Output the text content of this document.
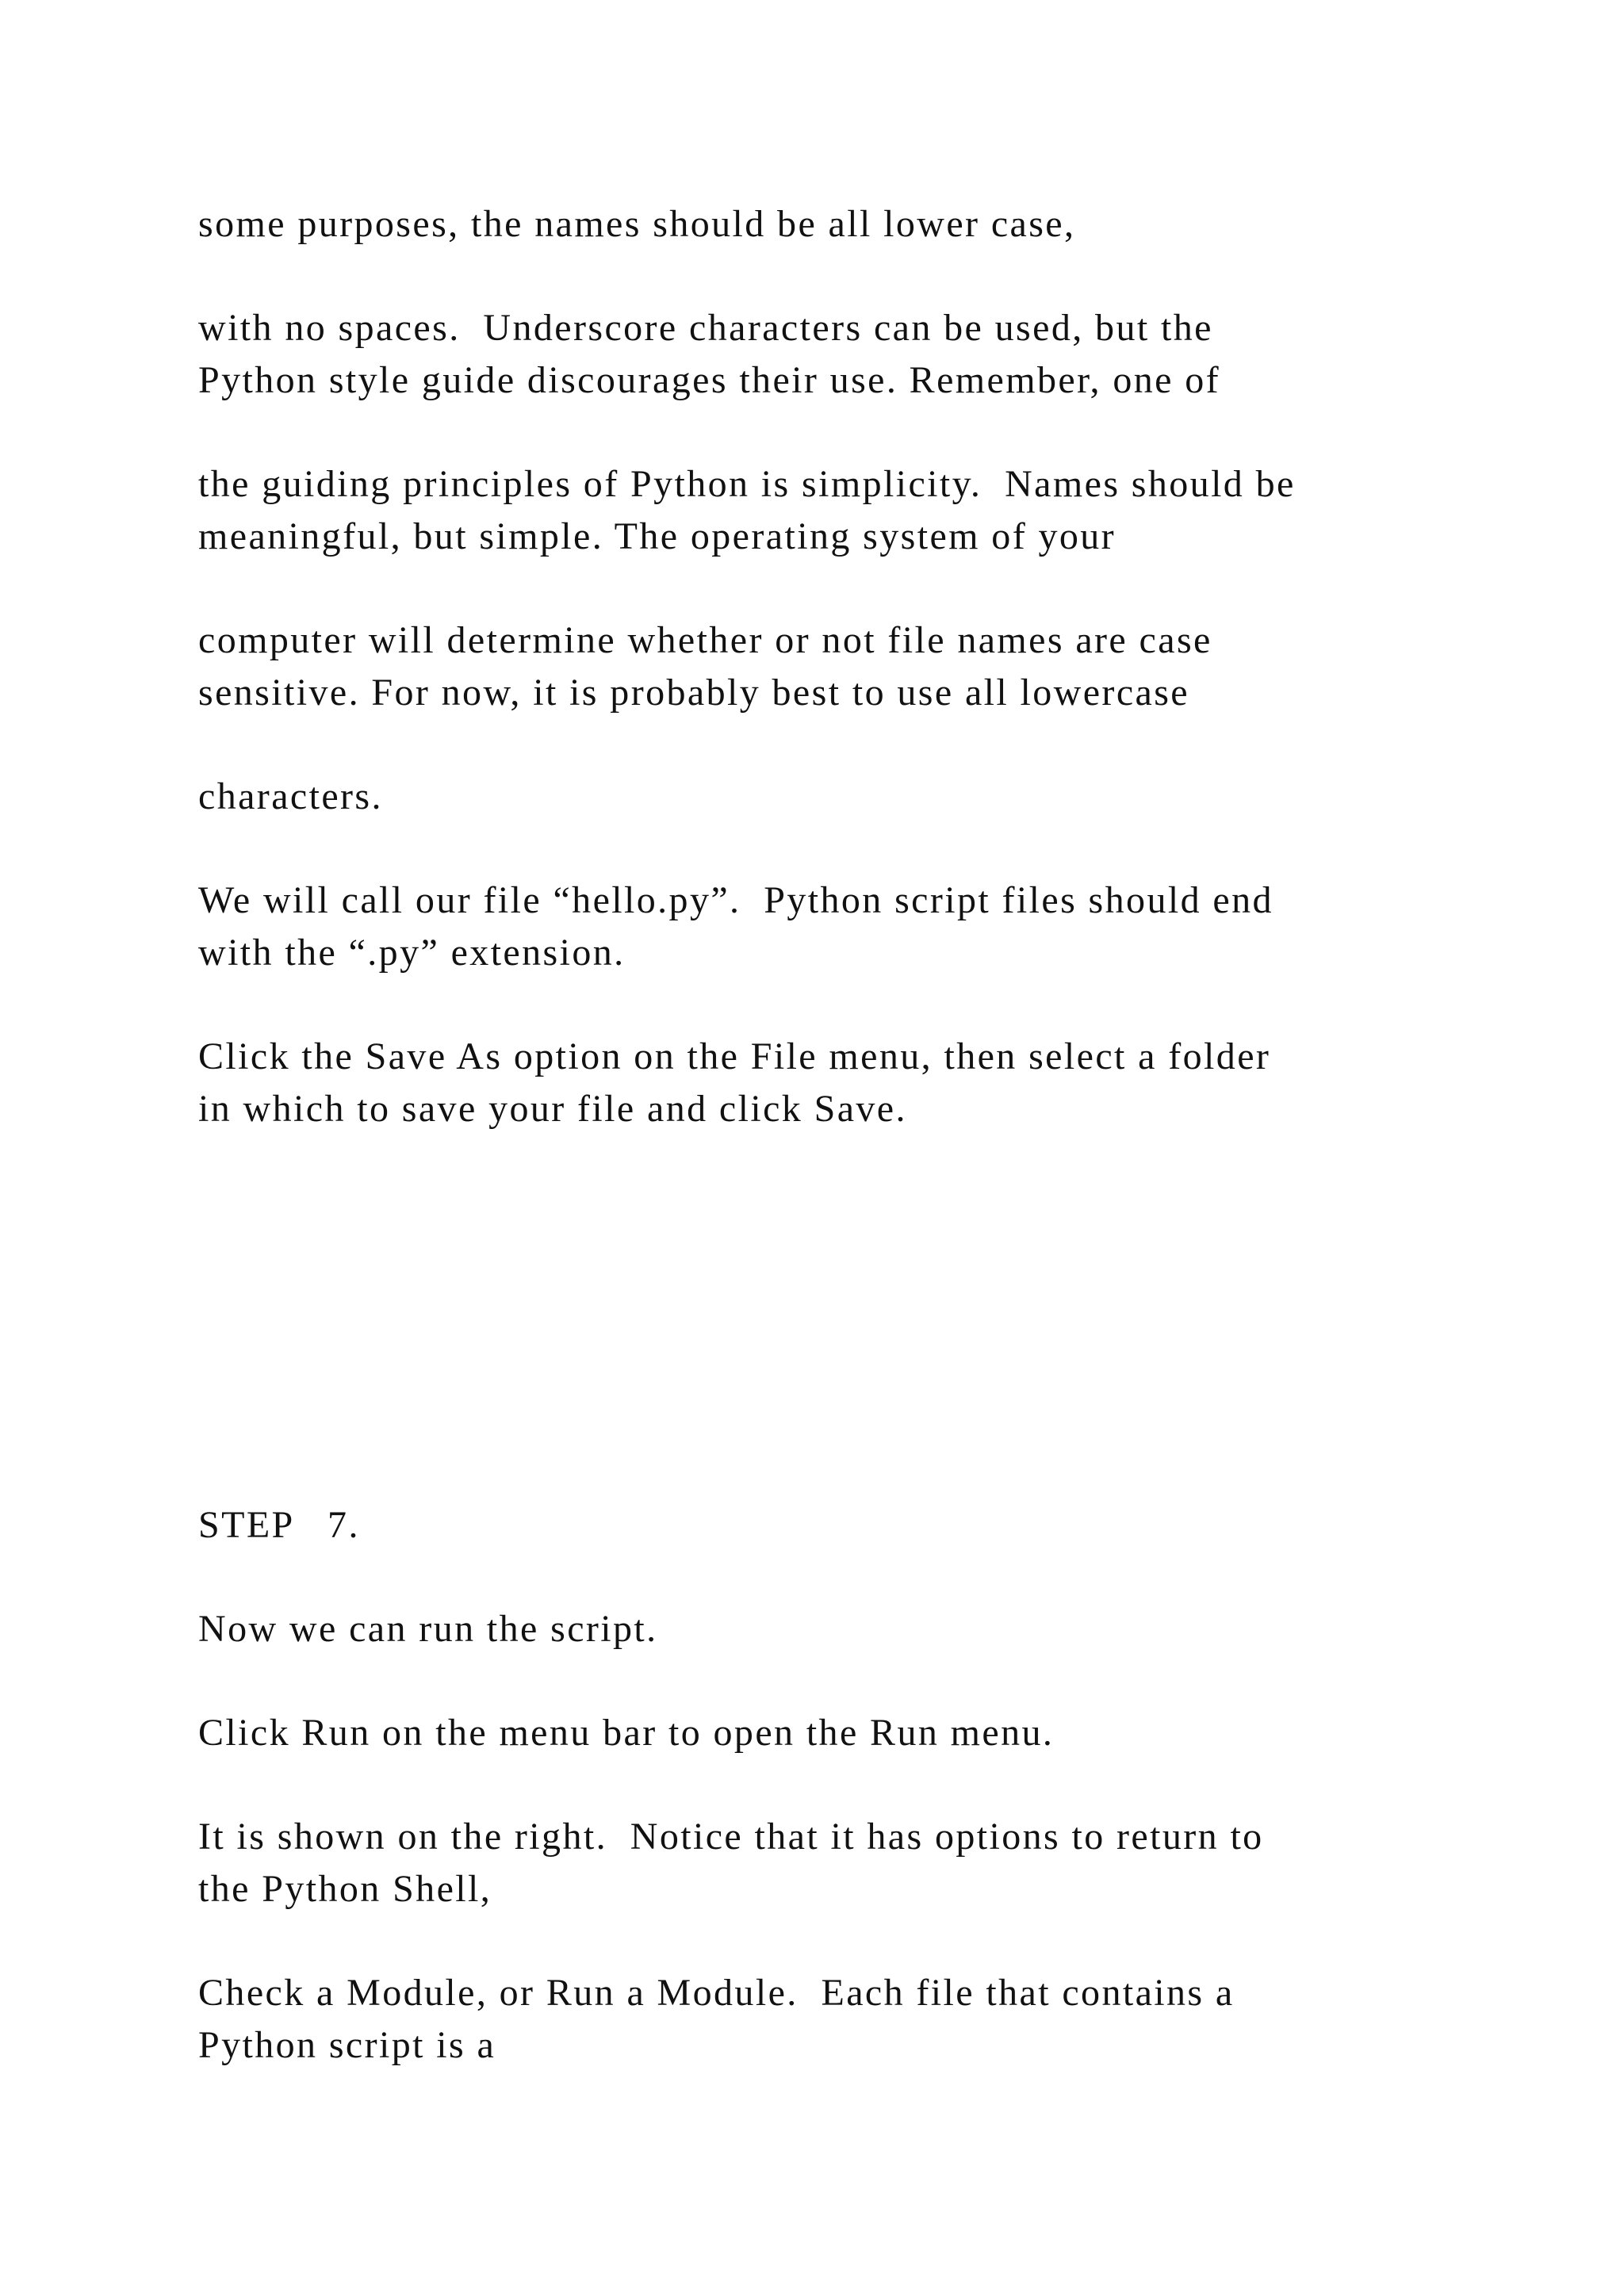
some purposes, the names should be all lower case,

with no spaces.  Underscore characters can be used, but the

Python style guide discourages their use. Remember, one of

the guiding principles of Python is simplicity.  Names should be

meaningful, but simple. The operating system of your

computer will determine whether or not file names are case

sensitive. For now, it is probably best to use all lowercase

characters.

We will call our file “hello.py”.  Python script files should end

with the “.py” extension.

Click the Save As option on the File menu, then select a folder

in which to save your file and click Save.

STEP   7.

Now we can run the script.

Click Run on the menu bar to open the Run menu.

It is shown on the right.  Notice that it has options to return to

the Python Shell,

Check a Module, or Run a Module.  Each file that contains a

Python script is a
